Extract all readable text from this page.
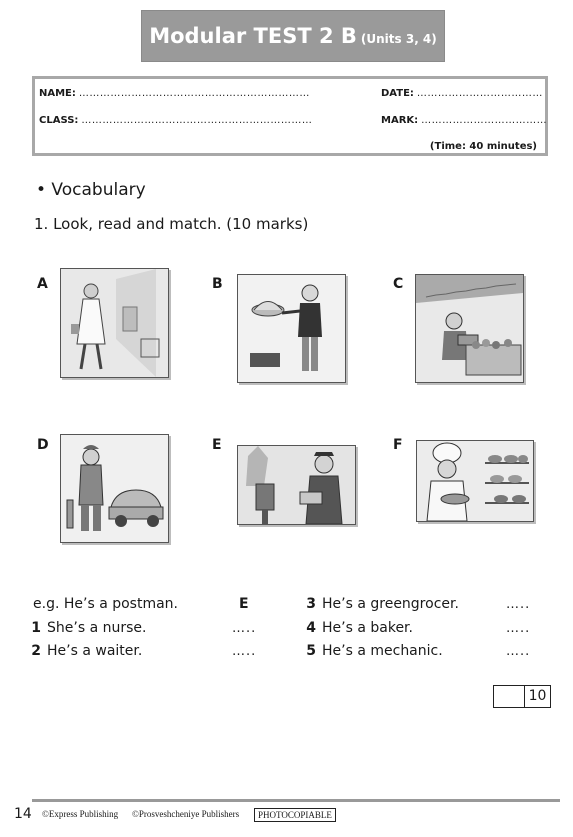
Modular TEST 2 B (Units 3, 4)
NAME: …………………………………………………………	DATE: ………………………………
CLASS: …………………………………………………………	MARK: ………………………………
(Time: 40 minutes)
• Vocabulary
1. Look, read and match. (10 marks)
A	B	C
D	E	F
e.g. He’s a postman.	E
1 She’s a nurse.	…..
2 He’s a waiter.	…..
3 He’s a greengrocer.	…..
4 He’s a baker.	…..
5 He’s a mechanic.	…..
10
14 ©Express Publishing ©Prosveshcheniye Publishers	PHOTOCOPIABLE
